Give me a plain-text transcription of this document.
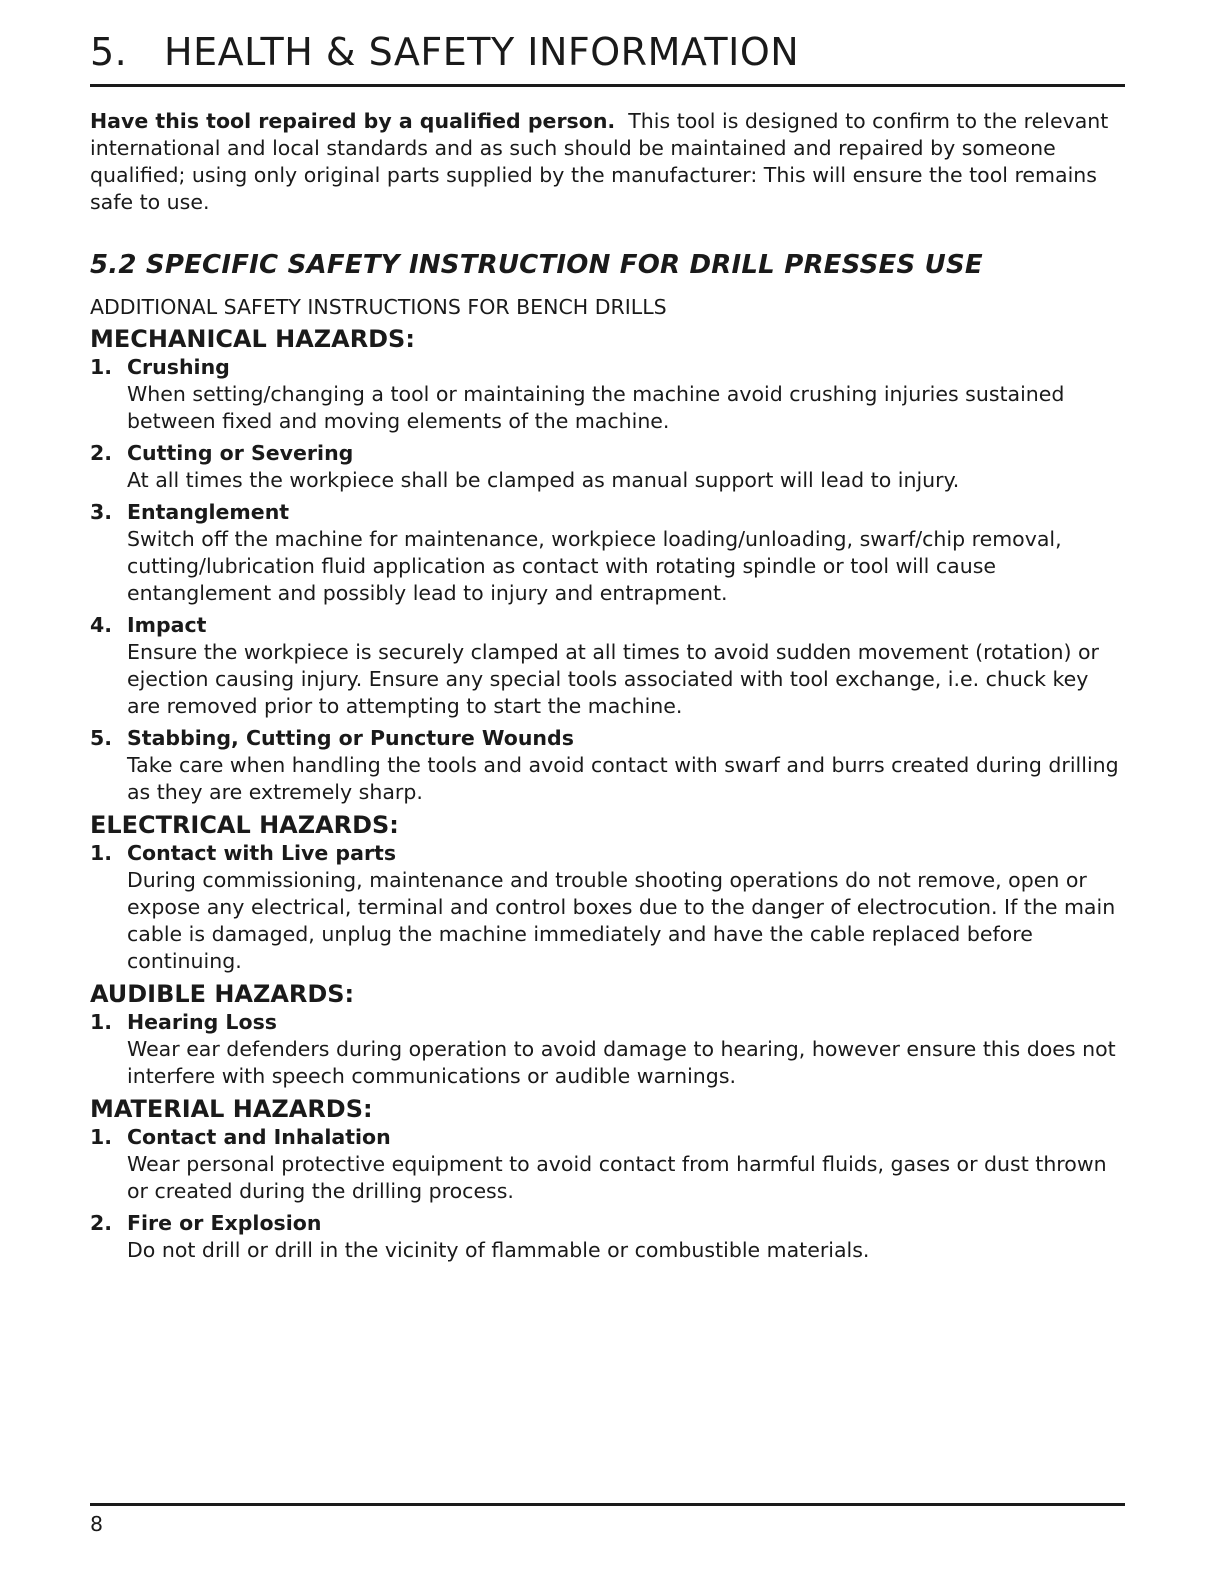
5. HEALTH & SAFETY INFORMATION

Have this tool repaired by a qualified person. This tool is designed to confirm to the relevant international and local standards and as such should be maintained and repaired by someone qualified; using only original parts supplied by the manufacturer: This will ensure the tool remains safe to use.

5.2 SPECIFIC SAFETY INSTRUCTION FOR DRILL PRESSES USE
ADDITIONAL SAFETY INSTRUCTIONS FOR BENCH DRILLS
MECHANICAL HAZARDS:
1. Crushing
When setting/changing a tool or maintaining the machine avoid crushing injuries sustained between fixed and moving elements of the machine.
2. Cutting or Severing
At all times the workpiece shall be clamped as manual support will lead to injury.
3. Entanglement
Switch off the machine for maintenance, workpiece loading/unloading, swarf/chip removal, cutting/lubrication fluid application as contact with rotating spindle or tool will cause entanglement and possibly lead to injury and entrapment.
4. Impact
Ensure the workpiece is securely clamped at all times to avoid sudden movement (rotation) or ejection causing injury. Ensure any special tools associated with tool exchange, i.e. chuck key are removed prior to attempting to start the machine.
5. Stabbing, Cutting or Puncture Wounds
Take care when handling the tools and avoid contact with swarf and burrs created during drilling as they are extremely sharp.
ELECTRICAL HAZARDS:
1. Contact with Live parts
During commissioning, maintenance and trouble shooting operations do not remove, open or expose any electrical, terminal and control boxes due to the danger of electrocution. If the main cable is damaged, unplug the machine immediately and have the cable replaced before continuing.
AUDIBLE HAZARDS:
1. Hearing Loss
Wear ear defenders during operation to avoid damage to hearing, however ensure this does not interfere with speech communications or audible warnings.
MATERIAL HAZARDS:
1. Contact and Inhalation
Wear personal protective equipment to avoid contact from harmful fluids, gases or dust thrown or created during the drilling process.
2. Fire or Explosion
Do not drill or drill in the vicinity of flammable or combustible materials.
8
